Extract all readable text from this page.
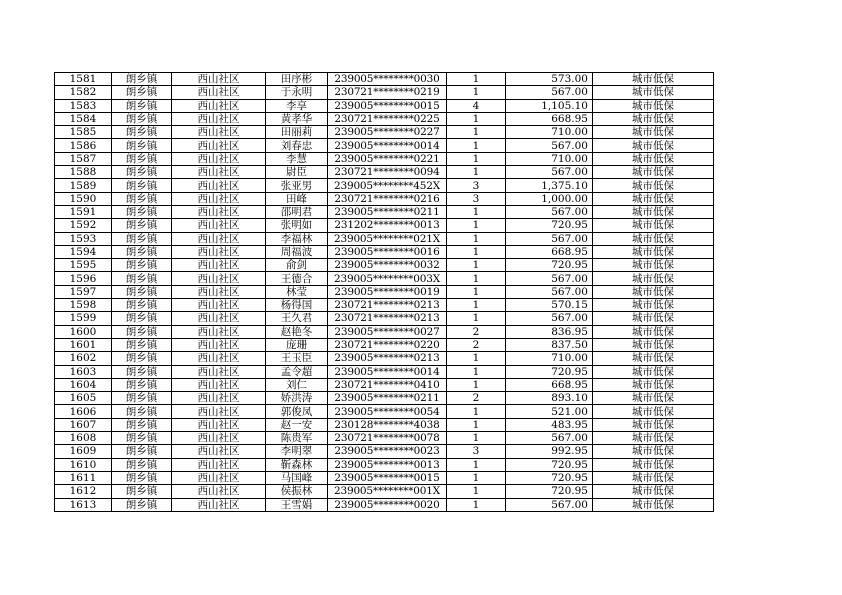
1581	朗乡镇	西山社区	田序彬	239005********0030	1	573.00	城市低保
1582	朗乡镇	西山社区	于永明	230721********0219	1	567.00	城市低保
1583	朗乡镇	西山社区	李享	239005********0015	4	1,105.10	城市低保
1584	朗乡镇	西山社区	黄孝华	230721********0225	1	668.95	城市低保
1585	朗乡镇	西山社区	田丽莉	239005********0227	1	710.00	城市低保
1586	朗乡镇	西山社区	刘春忠	239005********0014	1	567.00	城市低保
1587	朗乡镇	西山社区	李慧	239005********0221	1	710.00	城市低保
1588	朗乡镇	西山社区	尉臣	230721********0094	1	567.00	城市低保
1589	朗乡镇	西山社区	张亚男	239005********452X	3	1,375.10	城市低保
1590	朗乡镇	西山社区	田峰	230721********0216	3	1,000.00	城市低保
1591	朗乡镇	西山社区	邵明君	239005********0211	1	567.00	城市低保
1592	朗乡镇	西山社区	张明如	231202********0013	1	720.95	城市低保
1593	朗乡镇	西山社区	李福林	239005********021X	1	567.00	城市低保
1594	朗乡镇	西山社区	周福波	239005********0016	1	668.95	城市低保
1595	朗乡镇	西山社区	俞剑	239005********0032	1	720.95	城市低保
1596	朗乡镇	西山社区	王德合	239005********003X	1	567.00	城市低保
1597	朗乡镇	西山社区	林莹	239005********0019	1	567.00	城市低保
1598	朗乡镇	西山社区	杨得国	230721********0213	1	570.15	城市低保
1599	朗乡镇	西山社区	王久君	230721********0213	1	567.00	城市低保
1600	朗乡镇	西山社区	赵艳冬	239005********0027	2	836.95	城市低保
1601	朗乡镇	西山社区	庞珊	230721********0220	2	837.50	城市低保
1602	朗乡镇	西山社区	王玉臣	239005********0213	1	710.00	城市低保
1603	朗乡镇	西山社区	孟令超	239005********0014	1	720.95	城市低保
1604	朗乡镇	西山社区	刘仁	230721********0410	1	668.95	城市低保
1605	朗乡镇	西山社区	娇洪涛	239005********0211	2	893.10	城市低保
1606	朗乡镇	西山社区	郭俊凤	239005********0054	1	521.00	城市低保
1607	朗乡镇	西山社区	赵一安	230128********4038	1	483.95	城市低保
1608	朗乡镇	西山社区	陈贵军	230721********0078	1	567.00	城市低保
1609	朗乡镇	西山社区	李明翠	239005********0023	3	992.95	城市低保
1610	朗乡镇	西山社区	靳森林	239005********0013	1	720.95	城市低保
1611	朗乡镇	西山社区	马国峰	239005********0015	1	720.95	城市低保
1612	朗乡镇	西山社区	侯振林	239005********001X	1	720.95	城市低保
1613	朗乡镇	西山社区	王雪娟	239005********0020	1	567.00	城市低保
